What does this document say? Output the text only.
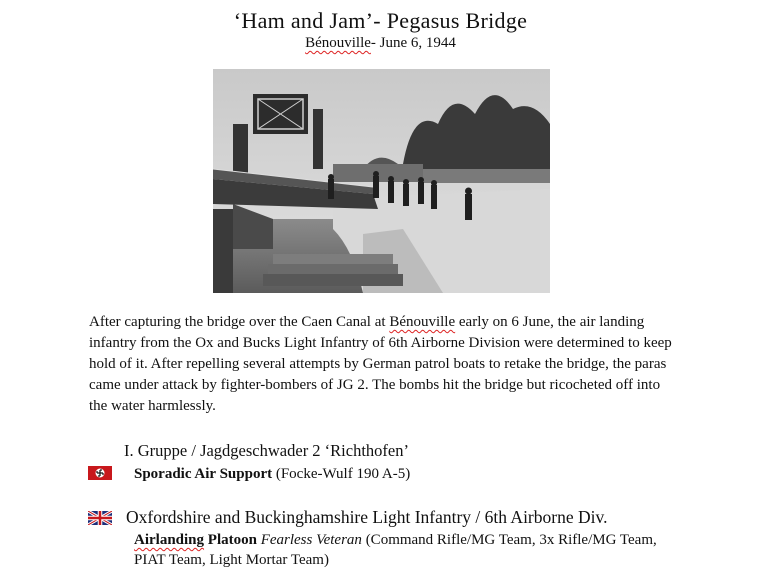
‘Ham and Jam’- Pegasus Bridge
Bénouville- June 6, 1944
After capturing the bridge over the Caen Canal at Bénouville early on 6 June, the air landing infantry from the Ox and Bucks Light Infantry of 6th Airborne Division were determined to keep hold of it. After repelling several attempts by German patrol boats to retake the bridge, the paras came under attack by fighter-bombers of JG 2. The bombs hit the bridge but ricocheted off into the water harmlessly.
I. Gruppe / Jagdgeschwader 2 ‘Richthofen’
Sporadic Air Support (Focke-Wulf 190 A-5)
Oxfordshire and Buckinghamshire Light Infantry / 6th Airborne Div.
Airlanding Platoon Fearless Veteran (Command Rifle/MG Team, 3x Rifle/MG Team, PIAT Team, Light Mortar Team)
